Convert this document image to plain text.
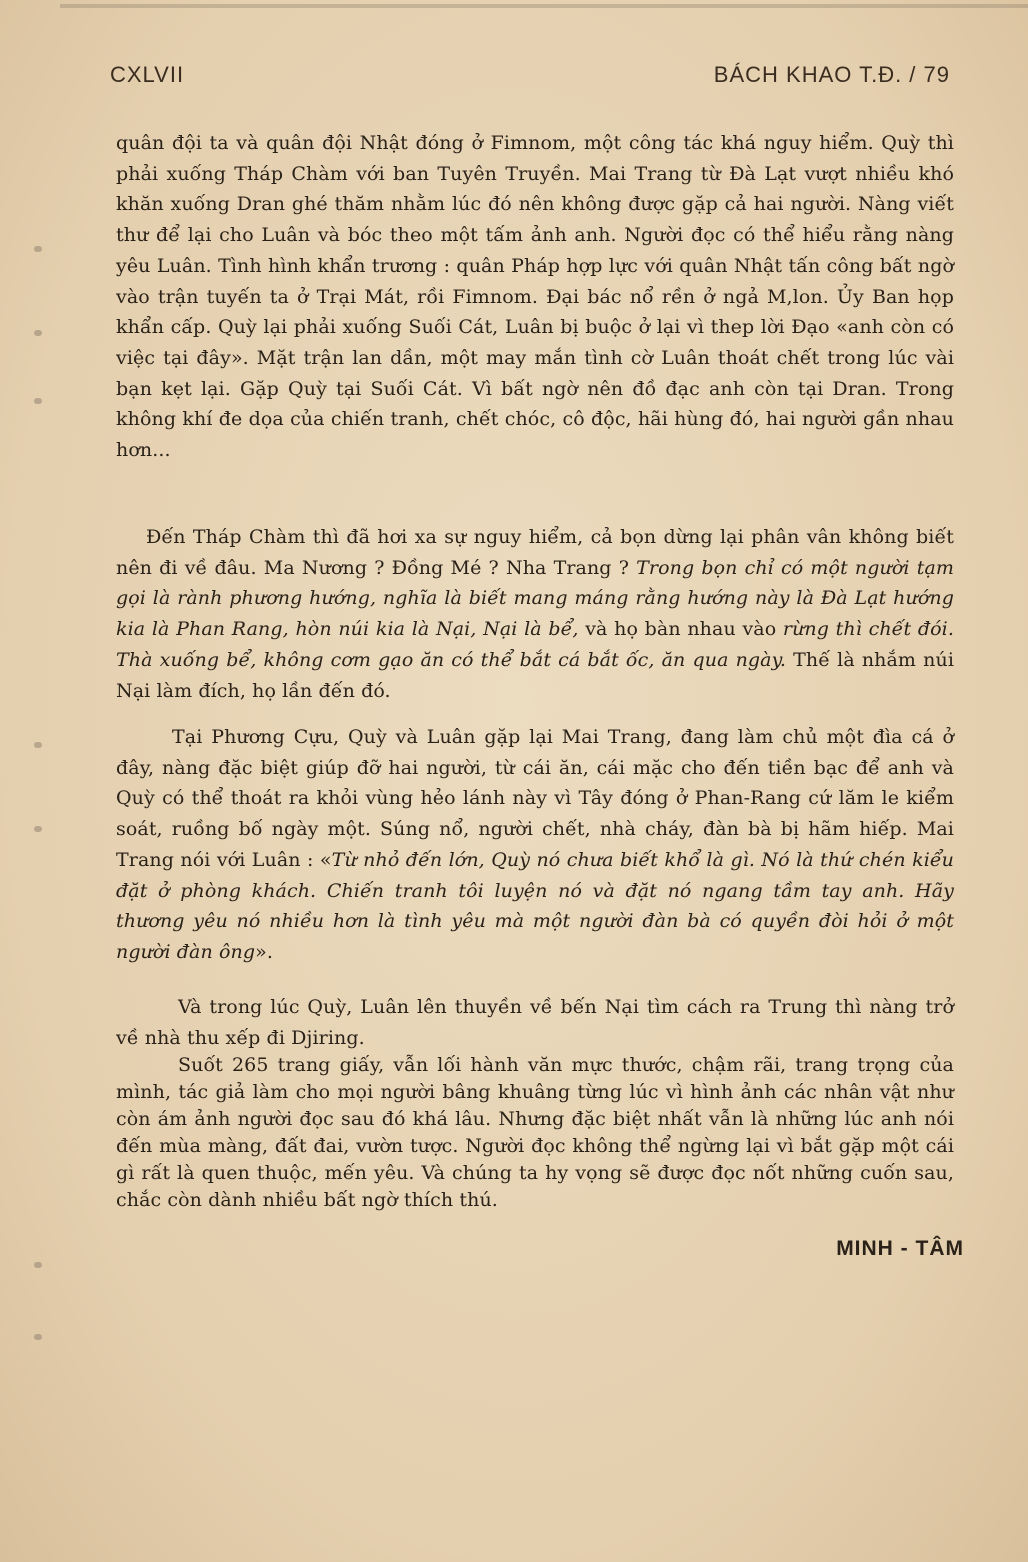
CXLVII	BÁCH KHAO T.Đ. / 79
quân đội ta và quân đội Nhật đóng ở Fimnom, một công tác khá nguy hiểm. Quỳ thì phải xuống Tháp Chàm với ban Tuyên Truyền. Mai Trang từ Đà Lạt vượt nhiều khó khăn xuống Dran ghé thăm nhằm lúc đó nên không được gặp cả hai người. Nàng viết thư để lại cho Luân và bóc theo một tấm ảnh anh. Người đọc có thể hiểu rằng nàng yêu Luân. Tình hình khẩn trương : quân Pháp hợp lực với quân Nhật tấn công bất ngờ vào trận tuyến ta ở Trại Mát, rồi Fimnom. Đại bác nổ rền ở ngả M,lon. Ủy Ban họp khẩn cấp. Quỳ lại phải xuống Suối Cát, Luân bị buộc ở lại vì thep lời Đạo «anh còn có việc tại đây». Mặt trận lan dần, một may mắn tình cờ Luân thoát chết trong lúc vài bạn kẹt lại. Gặp Quỳ tại Suối Cát. Vì bất ngờ nên đồ đạc anh còn tại Dran. Trong không khí đe dọa của chiến tranh, chết chóc, cô độc, hãi hùng đó, hai người gần nhau hơn...
Đến Tháp Chàm thì đã hơi xa sự nguy hiểm, cả bọn dừng lại phân vân không biết nên đi về đâu. Ma Nương ? Đồng Mé ? Nha Trang ? Trong bọn chỉ có một người tạm gọi là rành phương hướng, nghĩa là biết mang máng rằng hướng này là Đà Lạt hướng kia là Phan Rang, hòn núi kia là Nại, Nại là bể, và họ bàn nhau vào rừng thì chết đói. Thà xuống bể, không cơm gạo ăn có thể bắt cá bắt ốc, ăn qua ngày. Thế là nhắm núi Nại làm đích, họ lần đến đó.
Tại Phương Cựu, Quỳ và Luân gặp lại Mai Trang, đang làm chủ một đìa cá ở đây, nàng đặc biệt giúp đỡ hai người, từ cái ăn, cái mặc cho đến tiền bạc để anh và Quỳ có thể thoát ra khỏi vùng hẻo lánh này vì Tây đóng ở Phan-Rang cứ lăm le kiểm soát, ruồng bố ngày một. Súng nổ, người chết, nhà cháy, đàn bà bị hãm hiếp. Mai Trang nói với Luân : «Từ nhỏ đến lớn, Quỳ nó chưa biết khổ là gì. Nó là thứ chén kiểu đặt ở phòng khách. Chiến tranh tôi luyện nó và đặt nó ngang tầm tay anh. Hãy thương yêu nó nhiều hơn là tình yêu mà một người đàn bà có quyền đòi hỏi ở một người đàn ông».
Và trong lúc Quỳ, Luân lên thuyền về bến Nại tìm cách ra Trung thì nàng trở về nhà thu xếp đi Djiring.
Suốt 265 trang giấy, vẫn lối hành văn mực thước, chậm rãi, trang trọng của mình, tác giả làm cho mọi người bâng khuâng từng lúc vì hình ảnh các nhân vật như còn ám ảnh người đọc sau đó khá lâu. Nhưng đặc biệt nhất vẫn là những lúc anh nói đến mùa màng, đất đai, vườn tược. Người đọc không thể ngừng lại vì bắt gặp một cái gì rất là quen thuộc, mến yêu. Và chúng ta hy vọng sẽ được đọc nốt những cuốn sau, chắc còn dành nhiều bất ngờ thích thú.
MINH - TÂM
